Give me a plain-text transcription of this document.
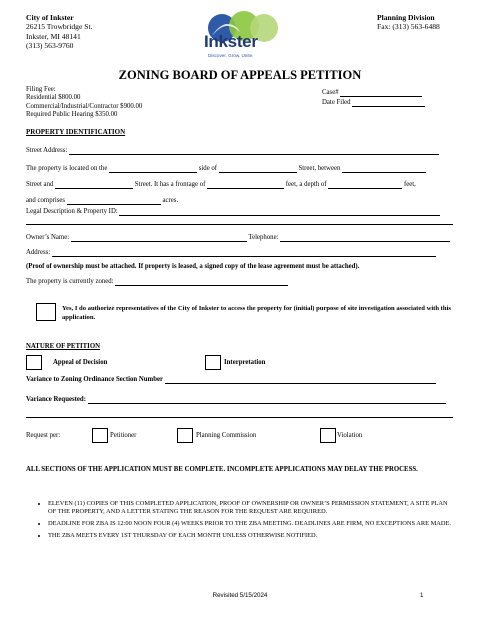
City of Inkster
26215 Trowbridge St.
Inkster, MI 48141
(313) 563-9760	Inkster
Discover. Grow. Unite.
Planning Division
Fax: (313) 563-6488
ZONING BOARD OF APPEALS PETITION
Filing Fee:
Residential $800.00
Commercial/Industrial/Contractor $900.00
Required Public Hearing $350.00
Case#
Date Filed
PROPERTY IDENTIFICATION
Street Address:
The property is located on the	side of	Street, between
Street and	Street. It has a frontage of	feet, a depth of	feet,
and comprises	acres.
Legal Description & Property ID:
Owner’s Name:	Telephone:
Address:
(Proof of ownership must be attached. If property is leased, a signed copy of the lease agreement must be attached).
The property is currently zoned:
Yes, I do authorize representatives of the City of Inkster to access the property for (initial) purpose of site investigation associated with this application.
NATURE OF PETITION
Appeal of Decision	Interpretation
Variance to Zoning Ordinance Section Number
Variance Requested:
Request per:	Petitioner	Planning Commission	Violation
ALL SECTIONS OF THE APPLICATION MUST BE COMPLETE. INCOMPLETE APPLICATIONS MAY DELAY THE PROCESS.
• ELEVEN (11) COPIES OF THIS COMPLETED APPLICATION, PROOF OF OWNERSHIP OR OWNER’S PERMISSION STATEMENT, A SITE PLAN OF THE PROPERTY, AND A LETTER STATING THE REASON FOR THE REQUEST ARE REQUIRED.
• DEADLINE FOR ZBA IS 12:00 NOON FOUR (4) WEEKS PRIOR TO THE ZBA MEETING. DEADLINES ARE FIRM, NO EXCEPTIONS ARE MADE.
• THE ZBA MEETS EVERY 1ST THURSDAY OF EACH MONTH UNLESS OTHERWISE NOTIFIED.
Revisited 5/15/2024	1
